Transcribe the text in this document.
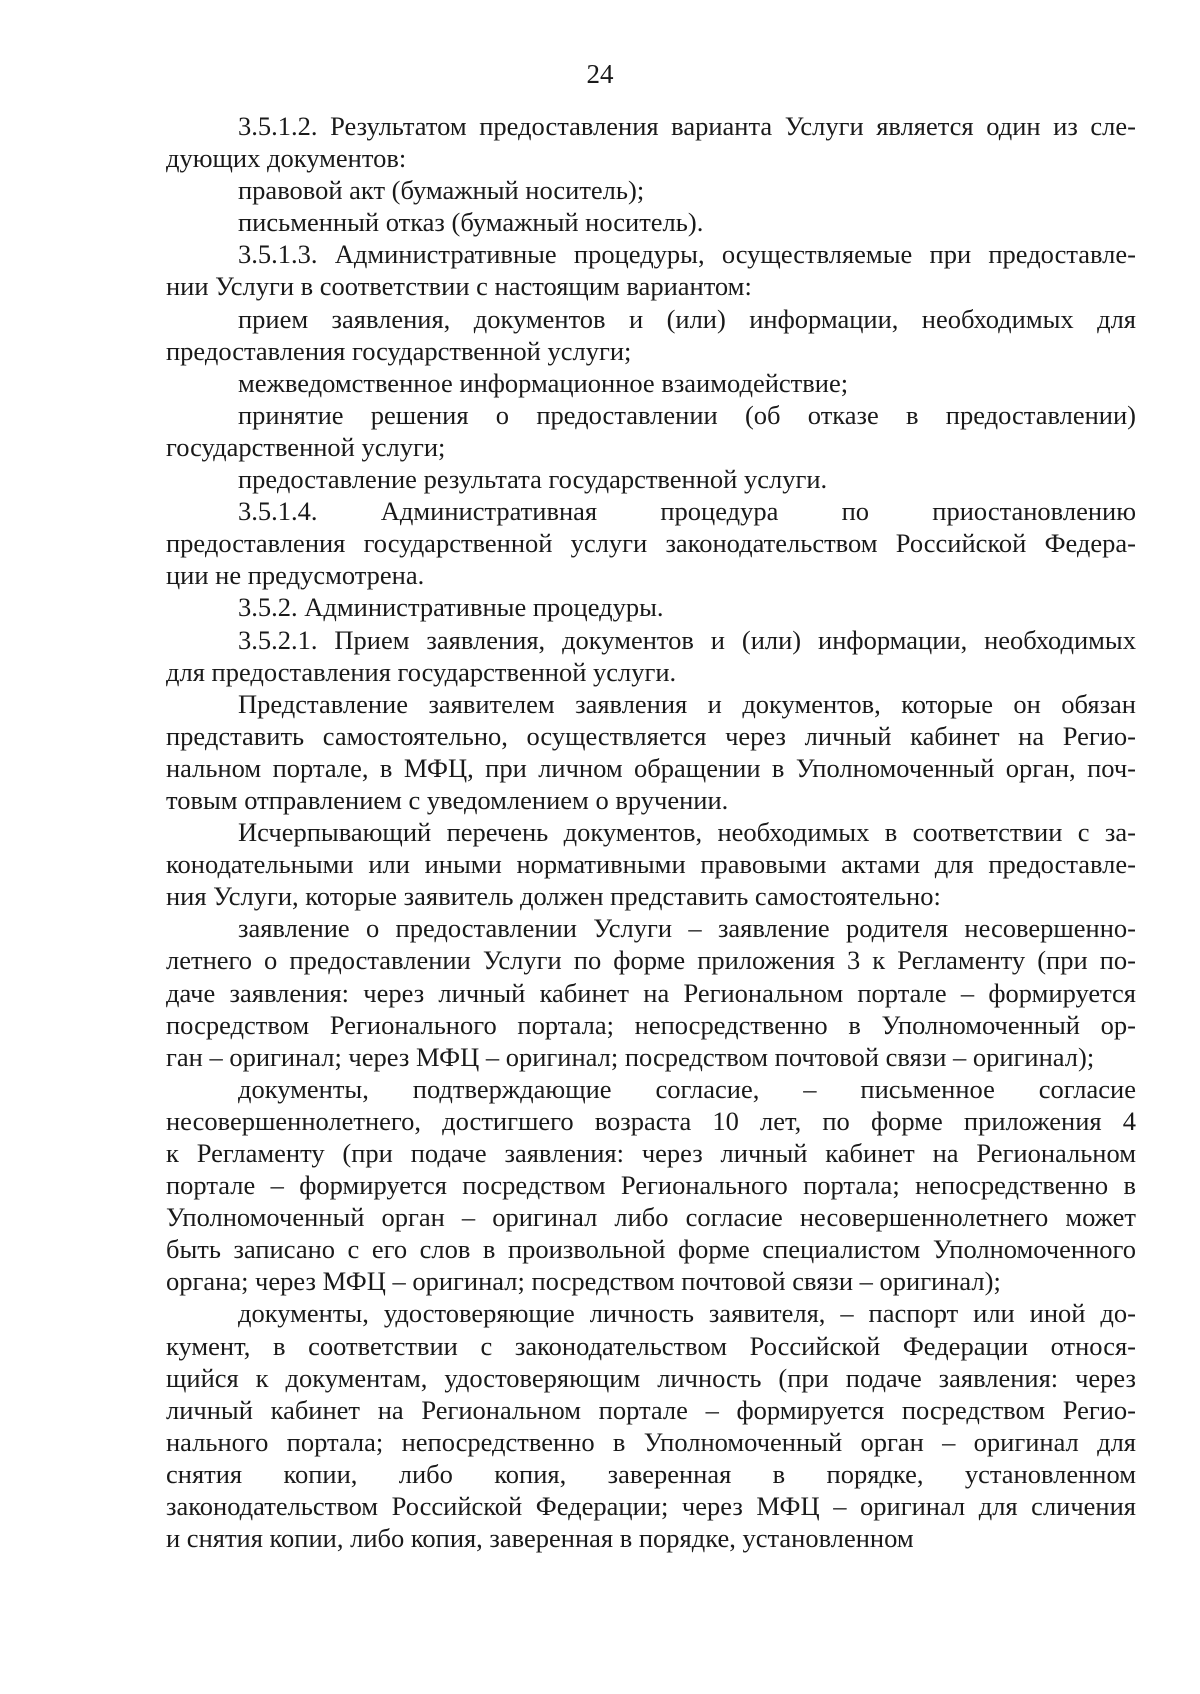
24
3.5.1.2. Результатом предоставления варианта Услуги является один из сле-
дующих документов:
правовой акт (бумажный носитель);
письменный отказ (бумажный носитель).
3.5.1.3. Административные процедуры, осуществляемые при предоставле-
нии Услуги в соответствии с настоящим вариантом:
прием заявления, документов и (или) информации, необходимых для
предоставления государственной услуги;
межведомственное информационное взаимодействие;
принятие решения о предоставлении (об отказе в предоставлении)
государственной услуги;
предоставление результата государственной услуги.
3.5.1.4. Административная процедура по приостановлению
предоставления государственной услуги законодательством Российской Федера-
ции не предусмотрена.
3.5.2. Административные процедуры.
3.5.2.1. Прием заявления, документов и (или) информации, необходимых
для предоставления государственной услуги.
Представление заявителем заявления и документов, которые он обязан
представить самостоятельно, осуществляется через личный кабинет на Регио-
нальном портале, в МФЦ, при личном обращении в Уполномоченный орган, поч-
товым отправлением с уведомлением о вручении.
Исчерпывающий перечень документов, необходимых в соответствии с за-
конодательными или иными нормативными правовыми актами для предоставле-
ния Услуги, которые заявитель должен представить самостоятельно:
заявление о предоставлении Услуги – заявление родителя несовершенно-
летнего о предоставлении Услуги по форме приложения 3 к Регламенту (при по-
даче заявления: через личный кабинет на Региональном портале – формируется
посредством Регионального портала; непосредственно в Уполномоченный ор-
ган – оригинал; через МФЦ – оригинал; посредством почтовой связи – оригинал);
документы, подтверждающие согласие, – письменное согласие
несовершеннолетнего, достигшего возраста 10 лет, по форме приложения 4
к Регламенту (при подаче заявления: через личный кабинет на Региональном
портале – формируется посредством Регионального портала; непосредственно в
Уполномоченный орган – оригинал либо согласие несовершеннолетнего может
быть записано с его слов в произвольной форме специалистом Уполномоченного
органа; через МФЦ – оригинал; посредством почтовой связи – оригинал);
документы, удостоверяющие личность заявителя, – паспорт или иной до-
кумент, в соответствии с законодательством Российской Федерации относя-
щийся к документам, удостоверяющим личность (при подаче заявления: через
личный кабинет на Региональном портале – формируется посредством Регио-
нального портала; непосредственно в Уполномоченный орган – оригинал для
снятия копии, либо копия, заверенная в порядке, установленном
законодательством Российской Федерации; через МФЦ – оригинал для сличения
и снятия копии, либо копия, заверенная в порядке, установленном
